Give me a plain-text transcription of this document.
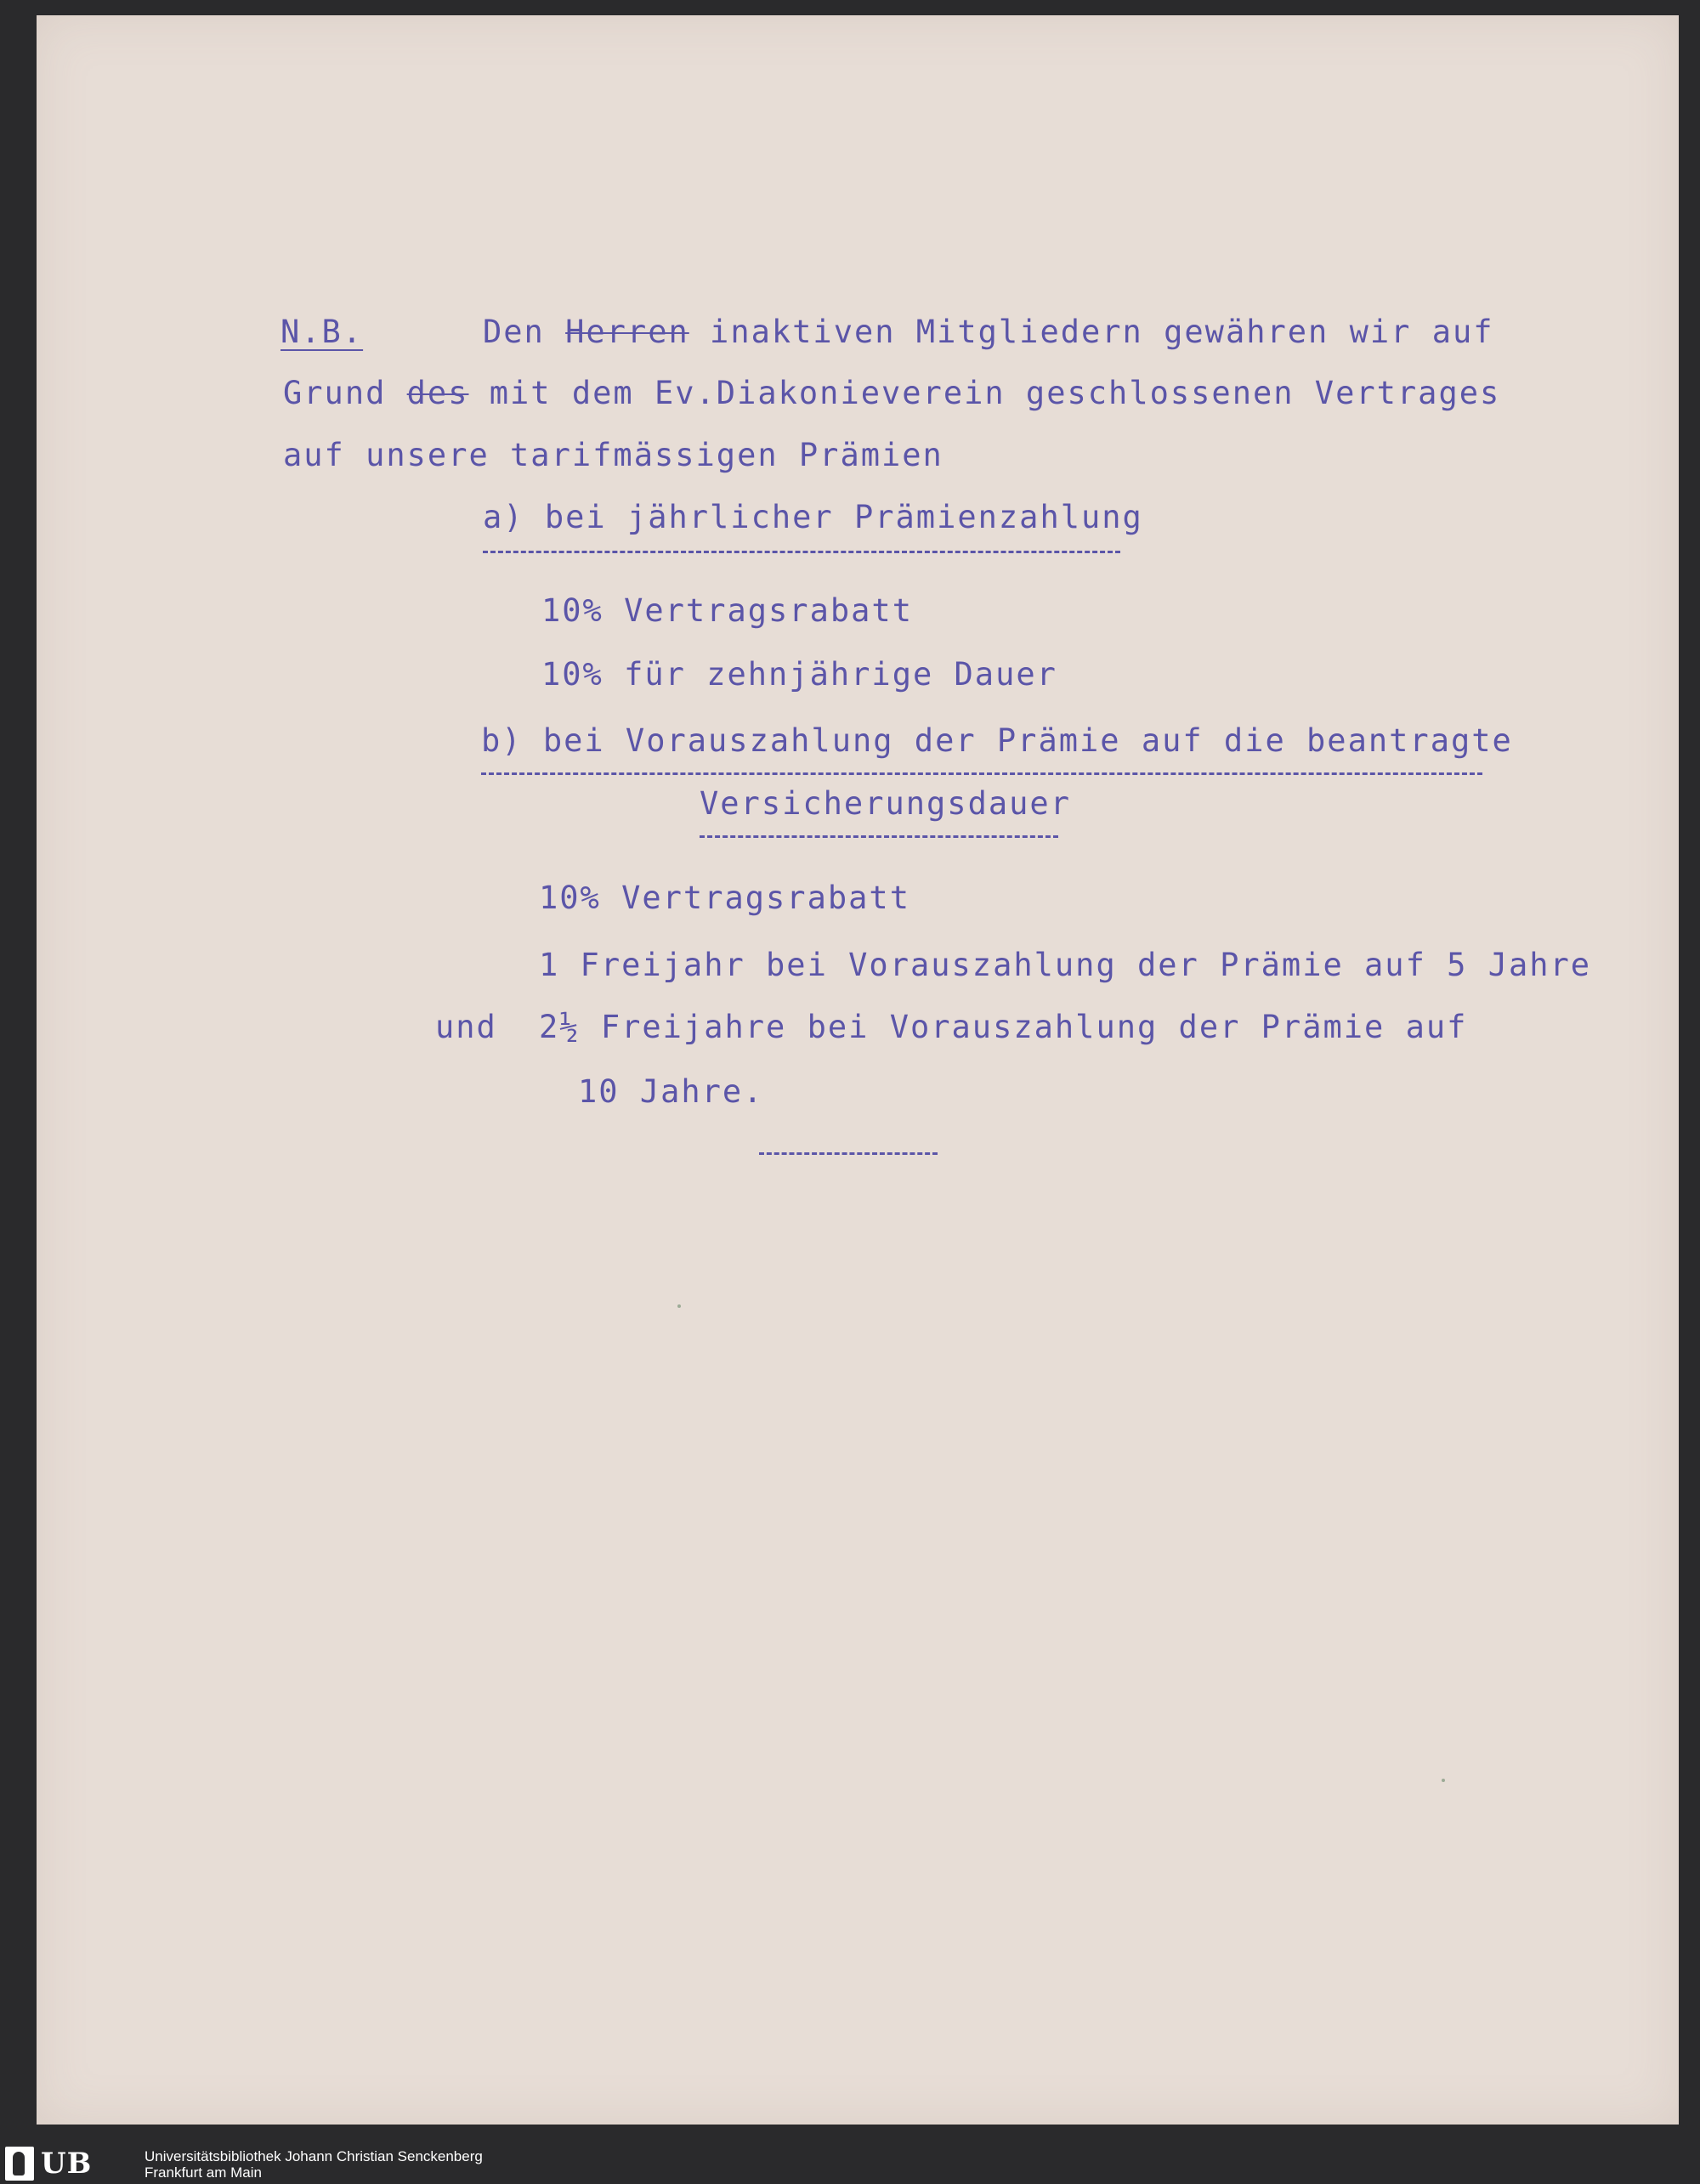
N.B.	Den Herren inaktiven Mitgliedern gewähren wir auf
Grund des mit dem Ev.Diakonieverein geschlossenen Vertrages
auf unsere tarifmässigen Prämien
a) bei jährlicher Prämienzahlung
10% Vertragsrabatt
10% für zehnjährige Dauer
b) bei Vorauszahlung der Prämie auf die beantragte
Versicherungsdauer
10% Vertragsrabatt
1 Freijahr bei Vorauszahlung der Prämie auf 5 Jahre
und 2½ Freijahre bei Vorauszahlung der Prämie auf
10 Jahre.
UB	Universitätsbibliothek Johann Christian Senckenberg
Frankfurt am Main
